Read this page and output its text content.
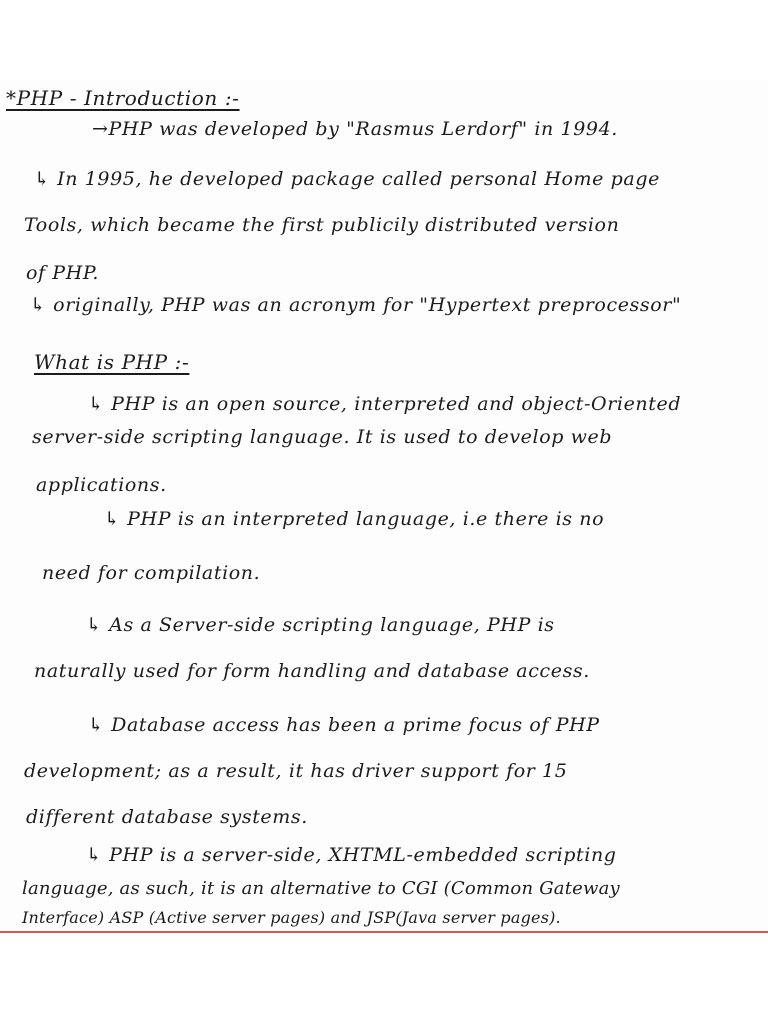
*PHP - Introduction :-
→PHP was developed by "Rasmus Lerdorf" in 1994.
↳ In 1995, he developed package called personal Home page
Tools, which became the first publicily distributed version
of PHP.
↳ originally, PHP was an acronym for "Hypertext preprocessor"
What is PHP :-
↳ PHP is an open source, interpreted and object-Oriented
server-side scripting language. It is used to develop web
applications.
↳ PHP is an interpreted language, i.e there is no
need for compilation.
↳ As a Server-side scripting language, PHP is
naturally used for form handling and database access.
↳ Database access has been a prime focus of PHP
development; as a result, it has driver support for 15
different database systems.
↳ PHP is a server-side, XHTML-embedded scripting
language, as such, it is an alternative to CGI (Common Gateway
Interface) ASP (Active server pages) and JSP(Java server pages).
